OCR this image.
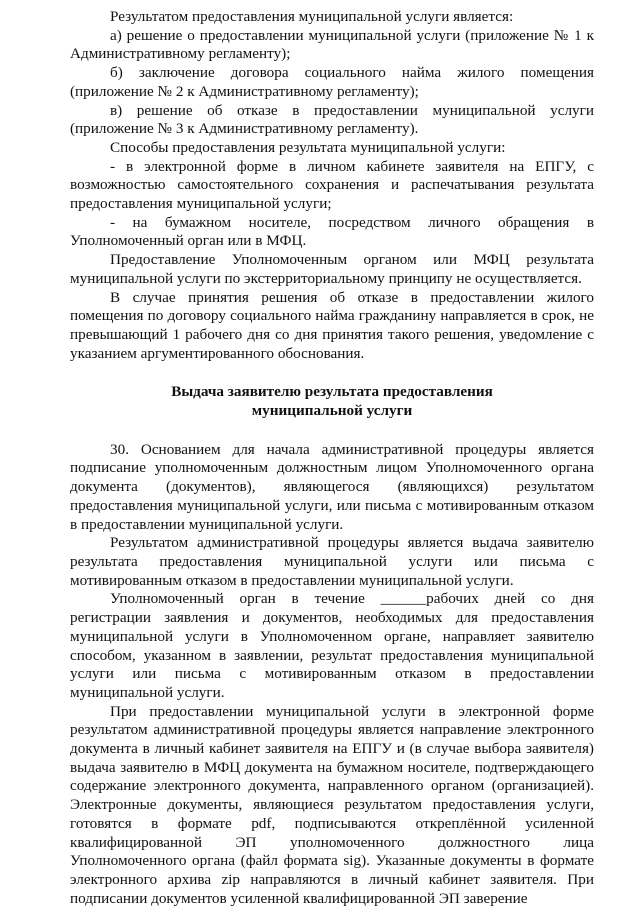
Результатом предоставления муниципальной услуги является:

а) решение о предоставлении муниципальной услуги (приложение № 1 к Административному регламенту);

б) заключение договора социального найма жилого помещения (приложение № 2 к Административному регламенту);

в) решение об отказе в предоставлении муниципальной услуги (приложение № 3 к Административному регламенту).

Способы предоставления результата муниципальной услуги:

- в электронной форме в личном кабинете заявителя на ЕПГУ, с возможностью самостоятельного сохранения и распечатывания результата предоставления муниципальной услуги;

- на бумажном носителе, посредством личного обращения в Уполномоченный орган или в МФЦ.

Предоставление Уполномоченным органом или МФЦ результата муниципальной услуги по экстерриториальному принципу не осуществляется.

В случае принятия решения об отказе в предоставлении жилого помещения по договору социального найма гражданину направляется в срок, не превышающий 1 рабочего дня со дня принятия такого решения, уведомление с указанием аргументированного обоснования.

Выдача заявителю результата предоставления

муниципальной услуги

30. Основанием для начала административной процедуры является подписание уполномоченным должностным лицом Уполномоченного органа документа (документов), являющегося (являющихся) результатом предоставления муниципальной услуги, или письма с мотивированным отказом в предоставлении муниципальной услуги.

Результатом административной процедуры является выдача заявителю результата предоставления муниципальной услуги или письма с мотивированным отказом в предоставлении муниципальной услуги.

Уполномоченный орган в течение ______рабочих дней со дня регистрации заявления и документов, необходимых для предоставления муниципальной услуги в Уполномоченном органе, направляет заявителю способом, указанном в заявлении, результат предоставления муниципальной услуги или письма с мотивированным отказом в предоставлении муниципальной услуги.

При предоставлении муниципальной услуги в электронной форме результатом административной процедуры является направление электронного документа в личный кабинет заявителя на ЕПГУ и (в случае выбора заявителя) выдача заявителю в МФЦ документа на бумажном носителе, подтверждающего содержание электронного документа, направленного органом (организацией). Электронные документы, являющиеся результатом предоставления услуги, готовятся в формате pdf, подписываются откреплённой усиленной квалифицированной ЭП уполномоченного должностного лица Уполномоченного органа (файл формата sig). Указанные документы в формате электронного архива zip направляются в личный кабинет заявителя. При подписании документов усиленной квалифицированной ЭП заверение
